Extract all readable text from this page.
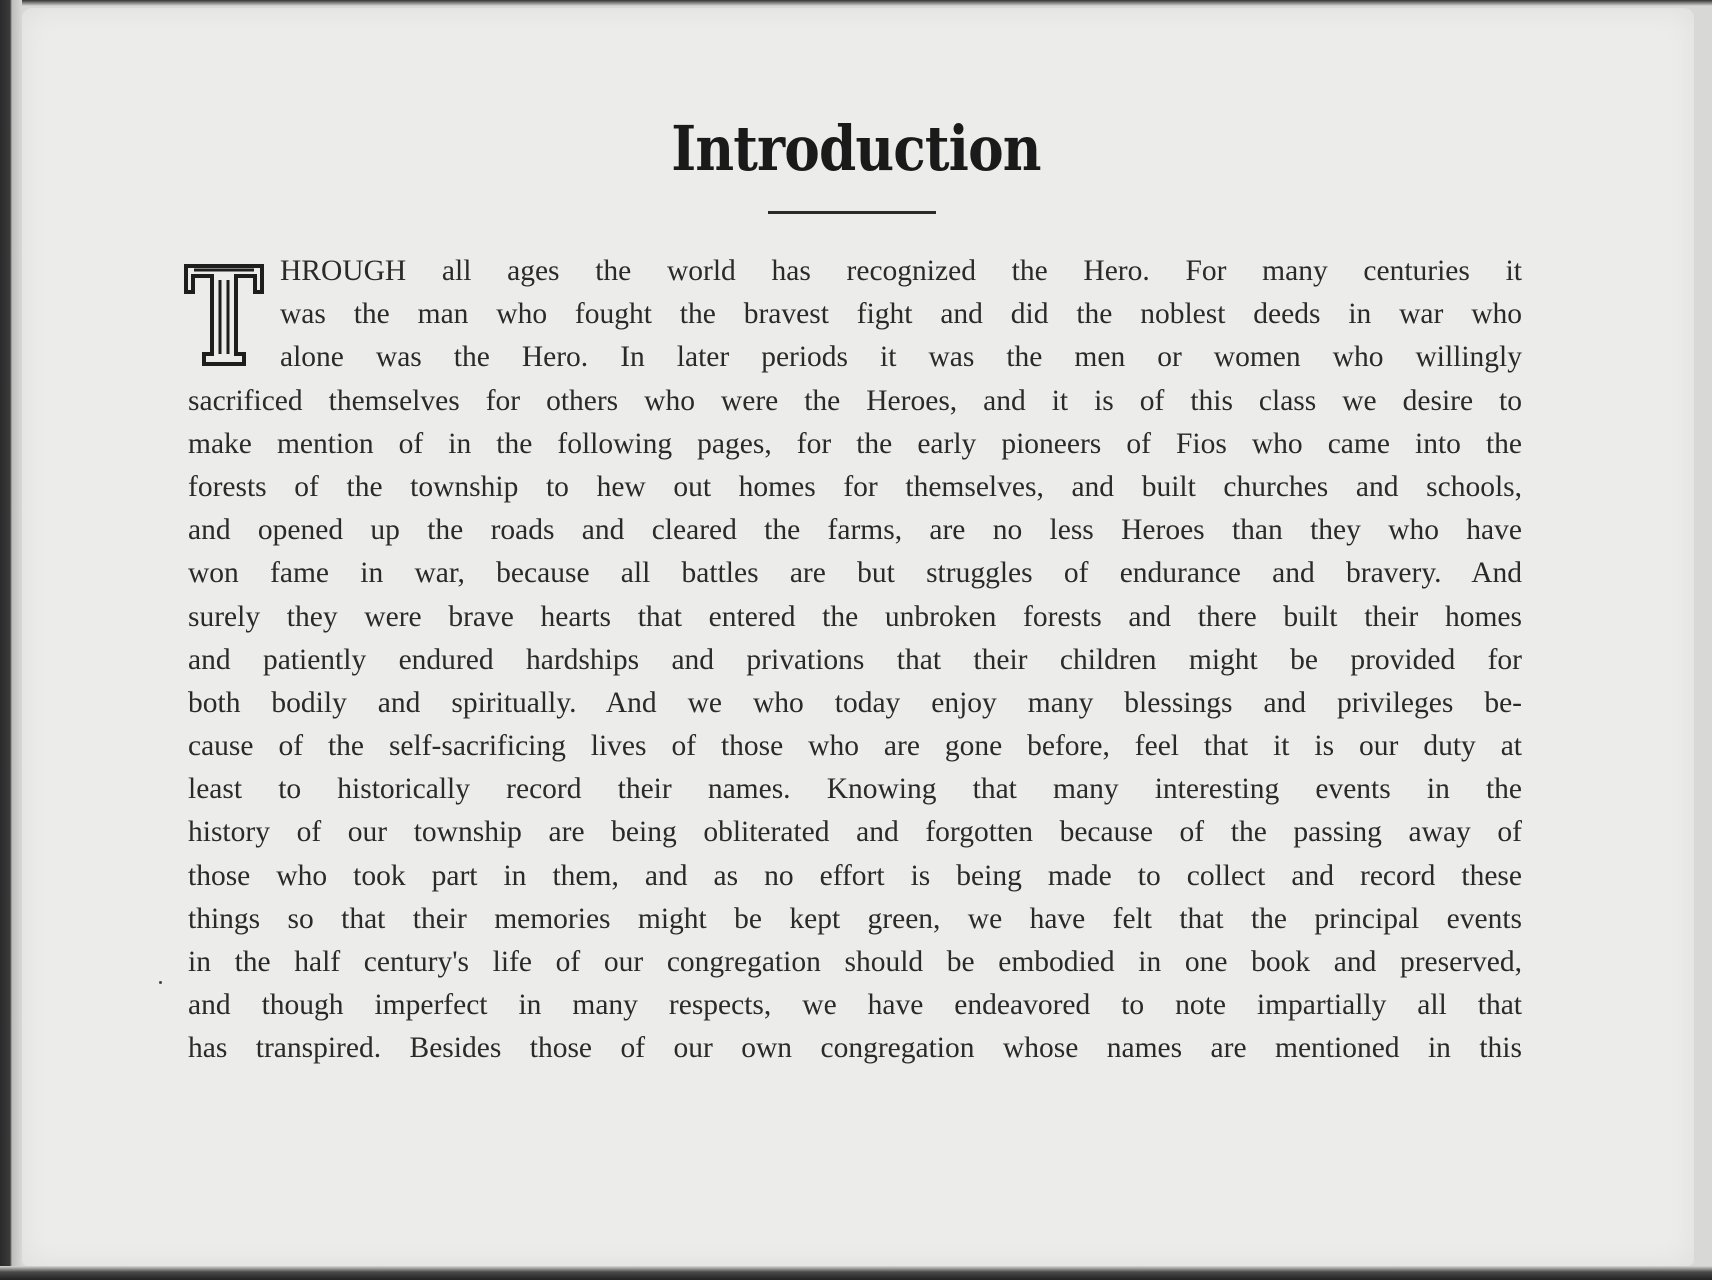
Introduction
HROUGH all ages the world has recognized the Hero. For many centuries it
was the man who fought the bravest fight and did the noblest deeds in war who
alone was the Hero. In later periods it was the men or women who willingly
sacrificed themselves for others who were the Heroes, and it is of this class we desire to
make mention of in the following pages, for the early pioneers of Fios who came into the
forests of the township to hew out homes for themselves, and built churches and schools,
and opened up the roads and cleared the farms, are no less Heroes than they who have
won fame in war, because all battles are but struggles of endurance and bravery. And
surely they were brave hearts that entered the unbroken forests and there built their homes
and patiently endured hardships and privations that their children might be provided for
both bodily and spiritually. And we who today enjoy many blessings and privileges be-
cause of the self-sacrificing lives of those who are gone before, feel that it is our duty at
least to historically record their names. Knowing that many interesting events in the
history of our township are being obliterated and forgotten because of the passing away of
those who took part in them, and as no effort is being made to collect and record these
things so that their memories might be kept green, we have felt that the principal events
in the half century's life of our congregation should be embodied in one book and preserved,
and though imperfect in many respects, we have endeavored to note impartially all that
has transpired. Besides those of our own congregation whose names are mentioned in this
